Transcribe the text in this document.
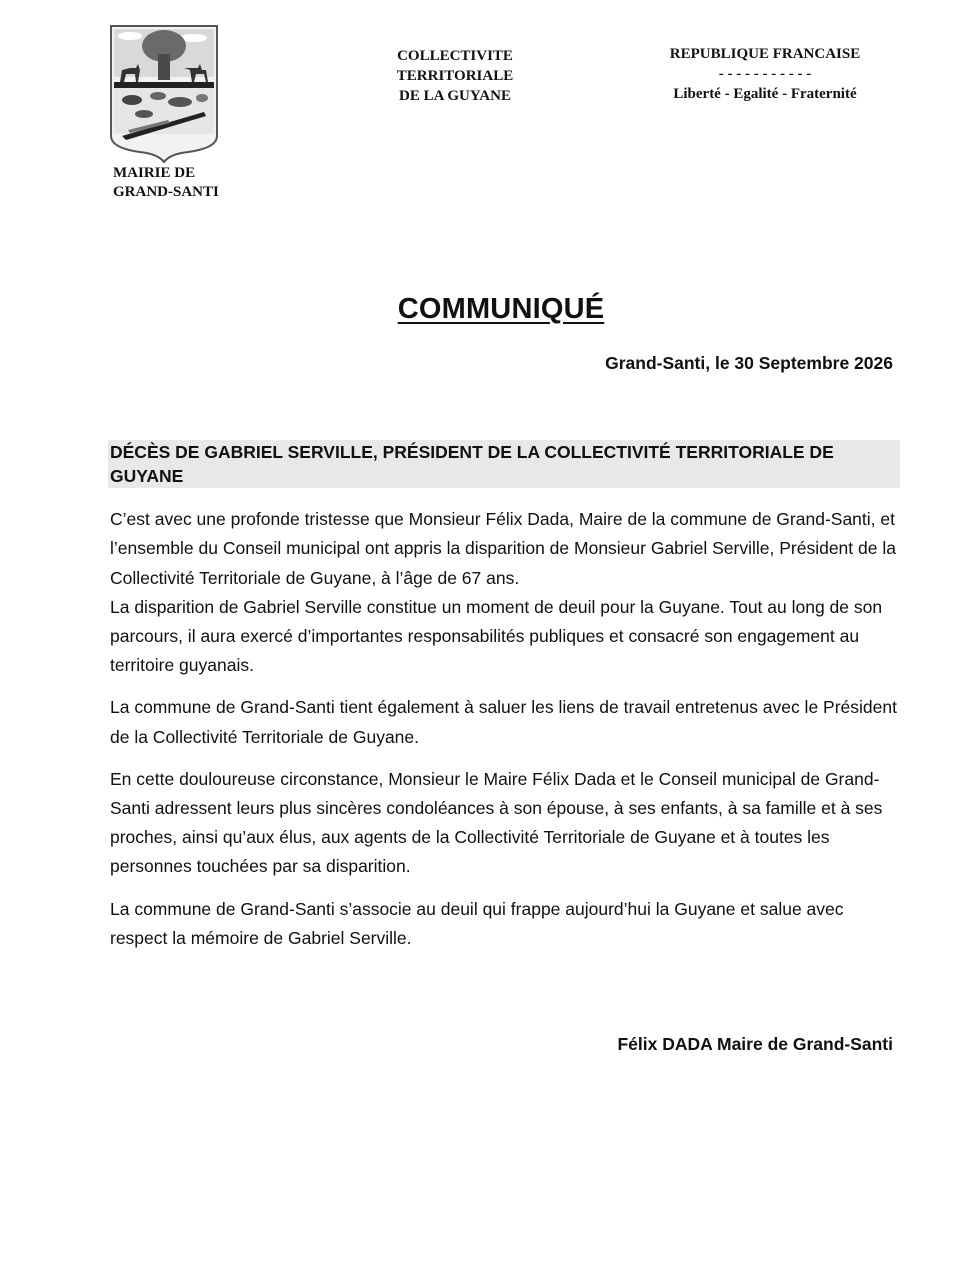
MAIRIE DE
GRAND-SANTI
COLLECTIVITE
TERRITORIALE
DE LA GUYANE
REPUBLIQUE FRANCAISE
- - - - - - - - - - -
Liberté - Egalité - Fraternité
COMMUNIQUÉ
Grand-Santi, le 30 Septembre 2026
DÉCÈS DE GABRIEL SERVILLE, PRÉSIDENT DE LA COLLECTIVITÉ TERRITORIALE DE GUYANE

C’est avec une profonde tristesse que Monsieur Félix Dada, Maire de la commune de Grand-Santi, et l’ensemble du Conseil municipal ont appris la disparition de Monsieur Gabriel Serville, Président de la Collectivité Territoriale de Guyane, à l’âge de 67 ans.

La disparition de Gabriel Serville constitue un moment de deuil pour la Guyane. Tout au long de son parcours, il aura exercé d’importantes responsabilités publiques et consacré son engagement au territoire guyanais.

La commune de Grand-Santi tient également à saluer les liens de travail entretenus avec le Président de la Collectivité Territoriale de Guyane.

En cette douloureuse circonstance, Monsieur le Maire Félix Dada et le Conseil municipal de Grand-Santi adressent leurs plus sincères condoléances à son épouse, à ses enfants, à sa famille et à ses proches, ainsi qu’aux élus, aux agents de la Collectivité Territoriale de Guyane et à toutes les personnes touchées par sa disparition.

La commune de Grand-Santi s’associe au deuil qui frappe aujourd’hui la Guyane et salue avec respect la mémoire de Gabriel Serville.

Félix DADA Maire de Grand-Santi
